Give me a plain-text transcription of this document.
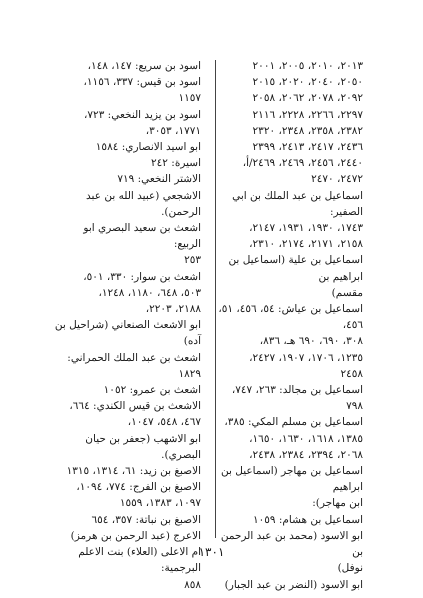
٢٠١٣، ٢٠١٠، ٢٠٠٥، ٢٠٠١
٢٠٥٠، ٢٠٤٠، ٢٠٢٠، ٢٠١٥
٢٠٩٢، ٢٠٧٨، ٢٠٦٢، ٢٠٥٨
٢٢٩٧، ٢٢٦٦، ٢٢٢٨، ٢١١٦
٢٣٨٢، ٢٣٥٨، ٢٣٤٨، ٢٣٢٠
٢٤٣٦، ٢٤١٧، ٢٤١٣، ٢٣٩٩
٢٤٤٠، ٢٤٥٦، ٢٤٦٩، ٢٤٦٩/أ،
٢٤٧٢، ٢٤٧٠
اسماعيل بن عبد الملك بن ابي الصفير:
١٧٤٣، ١٩٣٠، ١٩٣١، ٢١٤٧،
٢١٥٨، ٢١٧١، ٢١٧٤، ٢٣١٠،
اسماعيل بن علية (اسماعيل بن ابراهيم بن
مقسم)
اسماعيل بن عياش: ٥٤، ٤٥٦، ٥١، ٤٥٦،
٣٠٨، ٦٩٠، ٦٩٠ هـ، ٨٣٦،
١٢٣٥، ١٧٠٦، ١٩٠٧، ٢٤٢٧،
٢٤٥٨
اسماعيل بن مجالد: ٢٦٣، ٧٤٧،
٧٩٨
اسماعيل بن مسلم المكي: ٣٨٥،
١٣٨٥، ١٦١٨، ١٦٣٠، ١٦٥٠،
٢٠٦٨، ٢٣٩٤، ٢٣٨٤، ٢٤٣٨،
اسماعيل بن مهاجر (اسماعيل بن ابراهيم
ابن مهاجر):
اسماعيل بن هشام: ١٠٥٩
ابو الاسود (محمد بن عبد الرحمن بن
نوفل)
ابو الاسود (النضر بن عبد الجبار)
اسود بن سريع: ١٤٧، ١٤٨،
اسود بن قيس: ٣٣٧، ١١٥٦،
١١٥٧
اسود بن يزيد النخعي: ٧٢٣،
١٧٧١، ٣٠٥٣،
ابو اسيد الانصاري: ١٥٨٤
اسيرة: ٢٤٢
الاشتر النخعي: ٧١٩
الاشجعي (عبيد الله بن عبد الرحمن).
اشعث بن سعيد البصري ابو الربيع:
٢٥٣
اشعث بن سوار: ٣٣٠، ٥٠١،
٥٠٣، ٦٤٨، ١١٨٠، ١٢٤٨،
٢١٨٨، ٢٢٠٣،
ابو الاشعث الصنعاني (شراحيل بن آده)
اشعث بن عبد الملك الحمراني:
١٨٢٩
اشعث بن عمرو: ١٠٥٢
الاشعث بن قيس الكندي: ٦٦٤،
٤٦٧، ٥٤٨، ١٠٤٧،
ابو الاشهب (جعفر بن حيان البصري).
الاصبغ بن زيد: ٦١، ١٣١٤، ١٣١٥
الاصبغ بن الفرج: ٧٧٤، ١٠٩٤،
١٠٩٧، ١٣٨٣، ١٥٥٩
الاصبغ بن نباتة: ٣٥٧، ٦٥٤
الاعرج (عبد الرحمن بن هرمز)
ام الاعلى (العلاء) بنت الاعلم البرجمية:
٨٥٨
١٣٠١
